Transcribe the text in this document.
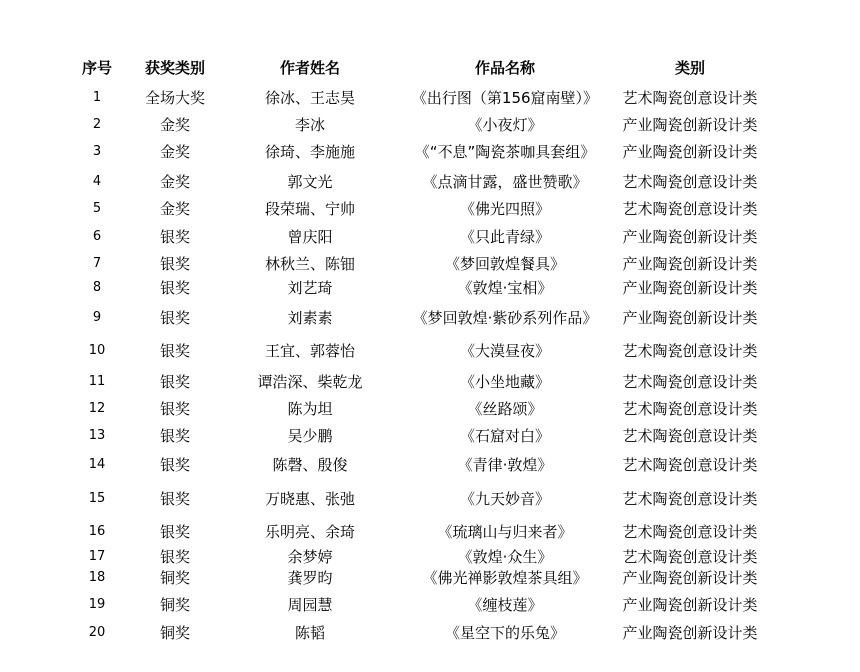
序号	获奖类别	作者姓名	作品名称	类别
1	全场大奖	徐冰、王志昊	《出行图（第156窟南壁）》	艺术陶瓷创意设计类
2	金奖	李冰	《小夜灯》	产业陶瓷创新设计类
3	金奖	徐琦、李施施	《“不息”陶瓷茶咖具套组》	产业陶瓷创新设计类
4	金奖	郭文光	《点滴甘露，盛世赞歌》	艺术陶瓷创意设计类
5	金奖	段荣瑞、宁帅	《佛光四照》	艺术陶瓷创意设计类
6	银奖	曾庆阳	《只此青绿》	产业陶瓷创新设计类
7	银奖	林秋兰、陈钿	《梦回敦煌餐具》	产业陶瓷创新设计类
8	银奖	刘艺琦	《敦煌·宝相》	产业陶瓷创新设计类
9	银奖	刘素素	《梦回敦煌·紫砂系列作品》	产业陶瓷创新设计类
10	银奖	王宜、郭蓉怡	《大漠昼夜》	艺术陶瓷创意设计类
11	银奖	谭浩深、柴乾龙	《小坐地藏》	艺术陶瓷创意设计类
12	银奖	陈为坦	《丝路颂》	艺术陶瓷创意设计类
13	银奖	吴少鹏	《石窟对白》	艺术陶瓷创意设计类
14	银奖	陈磬、殷俊	《青律·敦煌》	艺术陶瓷创意设计类
15	银奖	万晓惠、张弛	《九天妙音》	艺术陶瓷创意设计类
16	银奖	乐明亮、余琦	《琉璃山与归来者》	艺术陶瓷创意设计类
17	银奖	余梦婷	《敦煌·众生》	艺术陶瓷创意设计类
18	铜奖	龚罗昀	《佛光禅影敦煌茶具组》	产业陶瓷创新设计类
19	铜奖	周园慧	《缠枝莲》	产业陶瓷创新设计类
20	铜奖	陈韬	《星空下的乐兔》	产业陶瓷创新设计类
